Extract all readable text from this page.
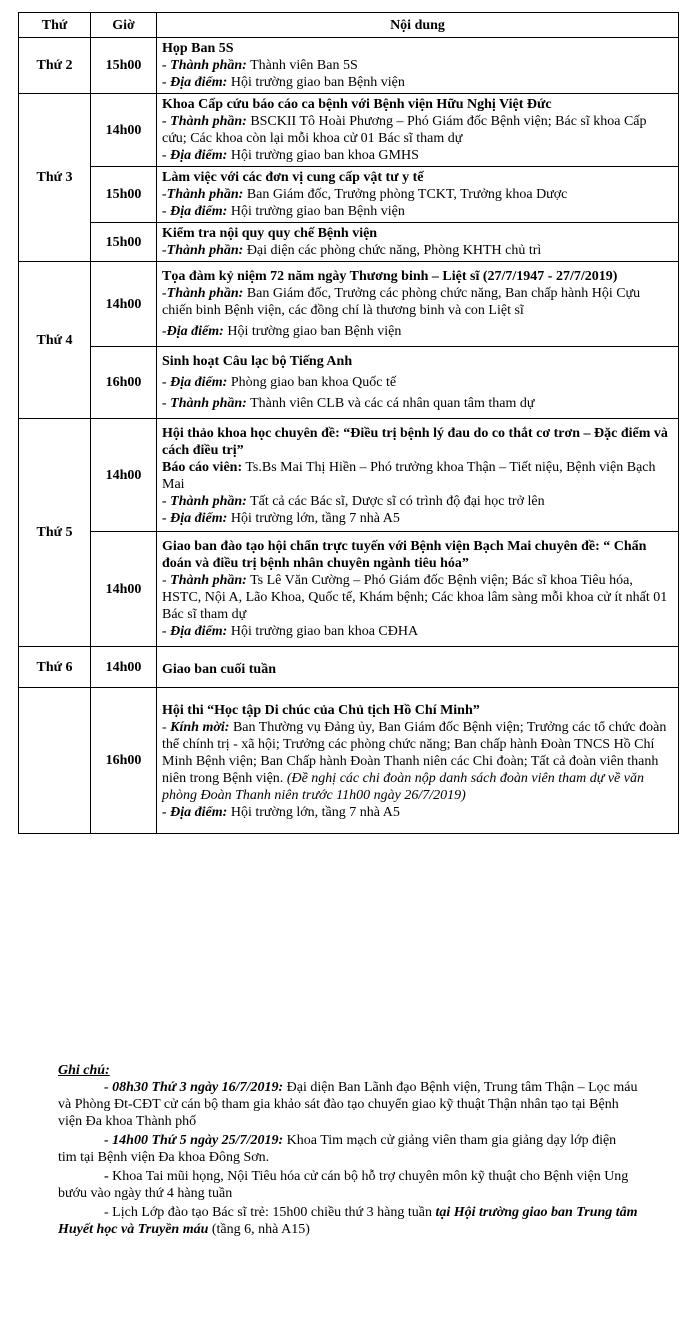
Thứ	Giờ	Nội dung
Thứ 2	15h00	Họp Ban 5S
- Thành phần: Thành viên Ban 5S
- Địa điểm: Hội trường giao ban Bệnh viện

Thứ 3	14h00	Khoa Cấp cứu báo cáo ca bệnh với Bệnh viện Hữu Nghị Việt Đức
- Thành phần: BSCKII Tô Hoài Phương – Phó Giám đốc Bệnh viện; Bác sĩ khoa Cấp cứu; Các khoa còn lại mỗi khoa cử 01 Bác sĩ tham dự
- Địa điểm: Hội trường giao ban khoa GMHS

	15h00	Làm việc với các đơn vị cung cấp vật tư y tế
-Thành phần: Ban Giám đốc, Trưởng phòng TCKT, Trưởng khoa Dược
- Địa điểm: Hội trường giao ban Bệnh viện

	15h00	Kiểm tra nội quy quy chế Bệnh viện
-Thành phần: Đại diện các phòng chức năng, Phòng KHTH chủ trì

Thứ 4	14h00	Tọa đàm kỷ niệm 72 năm ngày Thương binh – Liệt sĩ (27/7/1947 - 27/7/2019)
-Thành phần: Ban Giám đốc, Trưởng các phòng chức năng, Ban chấp hành Hội Cựu chiến binh Bệnh viện, các đồng chí là thương binh và con Liệt sĩ
-Địa điểm: Hội trường giao ban Bệnh viện

	16h00	Sinh hoạt Câu lạc bộ Tiếng Anh
- Địa điểm: Phòng giao ban khoa Quốc tế
- Thành phần: Thành viên CLB và các cá nhân quan tâm tham dự

Thứ 5	14h00	Hội thảo khoa học chuyên đề: “Điều trị bệnh lý đau do co thắt cơ trơn – Đặc điểm và cách điều trị”
Báo cáo viên: Ts.Bs Mai Thị Hiền – Phó trưởng khoa Thận – Tiết niệu, Bệnh viện Bạch Mai
- Thành phần: Tất cả các Bác sĩ, Dược sĩ có trình độ đại học trở lên
- Địa điểm: Hội trường lớn, tầng 7 nhà A5

	14h00	Giao ban đào tạo hội chẩn trực tuyến với Bệnh viện Bạch Mai chuyên đề: “ Chẩn đoán và điều trị bệnh nhân chuyên ngành tiêu hóa”
- Thành phần: Ts Lê Văn Cường – Phó Giám đốc Bệnh viện; Bác sĩ khoa Tiêu hóa, HSTC, Nội A, Lão Khoa, Quốc tế, Khám bệnh; Các khoa lâm sàng mỗi khoa cử ít nhất 01 Bác sĩ tham dự
- Địa điểm: Hội trường giao ban khoa CĐHA

Thứ 6	14h00	Giao ban cuối tuần

	16h00	Hội thi “Học tập Di chúc của Chủ tịch Hồ Chí Minh”
- Kính mời: Ban Thường vụ Đảng ủy, Ban Giám đốc Bệnh viện; Trưởng các tổ chức đoàn thể chính trị - xã hội; Trưởng các phòng chức năng; Ban chấp hành Đoàn TNCS Hồ Chí Minh Bệnh viện; Ban Chấp hành Đoàn Thanh niên các Chi đoàn; Tất cả đoàn viên thanh niên trong Bệnh viện. (Đề nghị các chi đoàn nộp danh sách đoàn viên tham dự về văn phòng Đoàn Thanh niên trước 11h00 ngày 26/7/2019)
- Địa điểm: Hội trường lớn, tầng 7 nhà A5
Ghi chú:

- 08h30 Thứ 3 ngày 16/7/2019: Đại diện Ban Lãnh đạo Bệnh viện, Trung tâm Thận – Lọc máu và Phòng Đt-CĐT cử cán bộ tham gia khảo sát đào tạo chuyển giao kỹ thuật Thận nhân tạo tại Bệnh viện Đa khoa Thành phố

- 14h00 Thứ 5 ngày 25/7/2019: Khoa Tim mạch cử giảng viên tham gia giảng dạy lớp điện tim tại Bệnh viện Đa khoa Đông Sơn.

- Khoa Tai mũi họng, Nội Tiêu hóa cử cán bộ hỗ trợ chuyên môn kỹ thuật cho Bệnh viện Ung bướu vào ngày thứ 4 hàng tuần

- Lịch Lớp đào tạo Bác sĩ trẻ: 15h00 chiều thứ 3 hàng tuần tại Hội trường giao ban Trung tâm Huyết học và Truyền máu (tầng 6, nhà A15)
